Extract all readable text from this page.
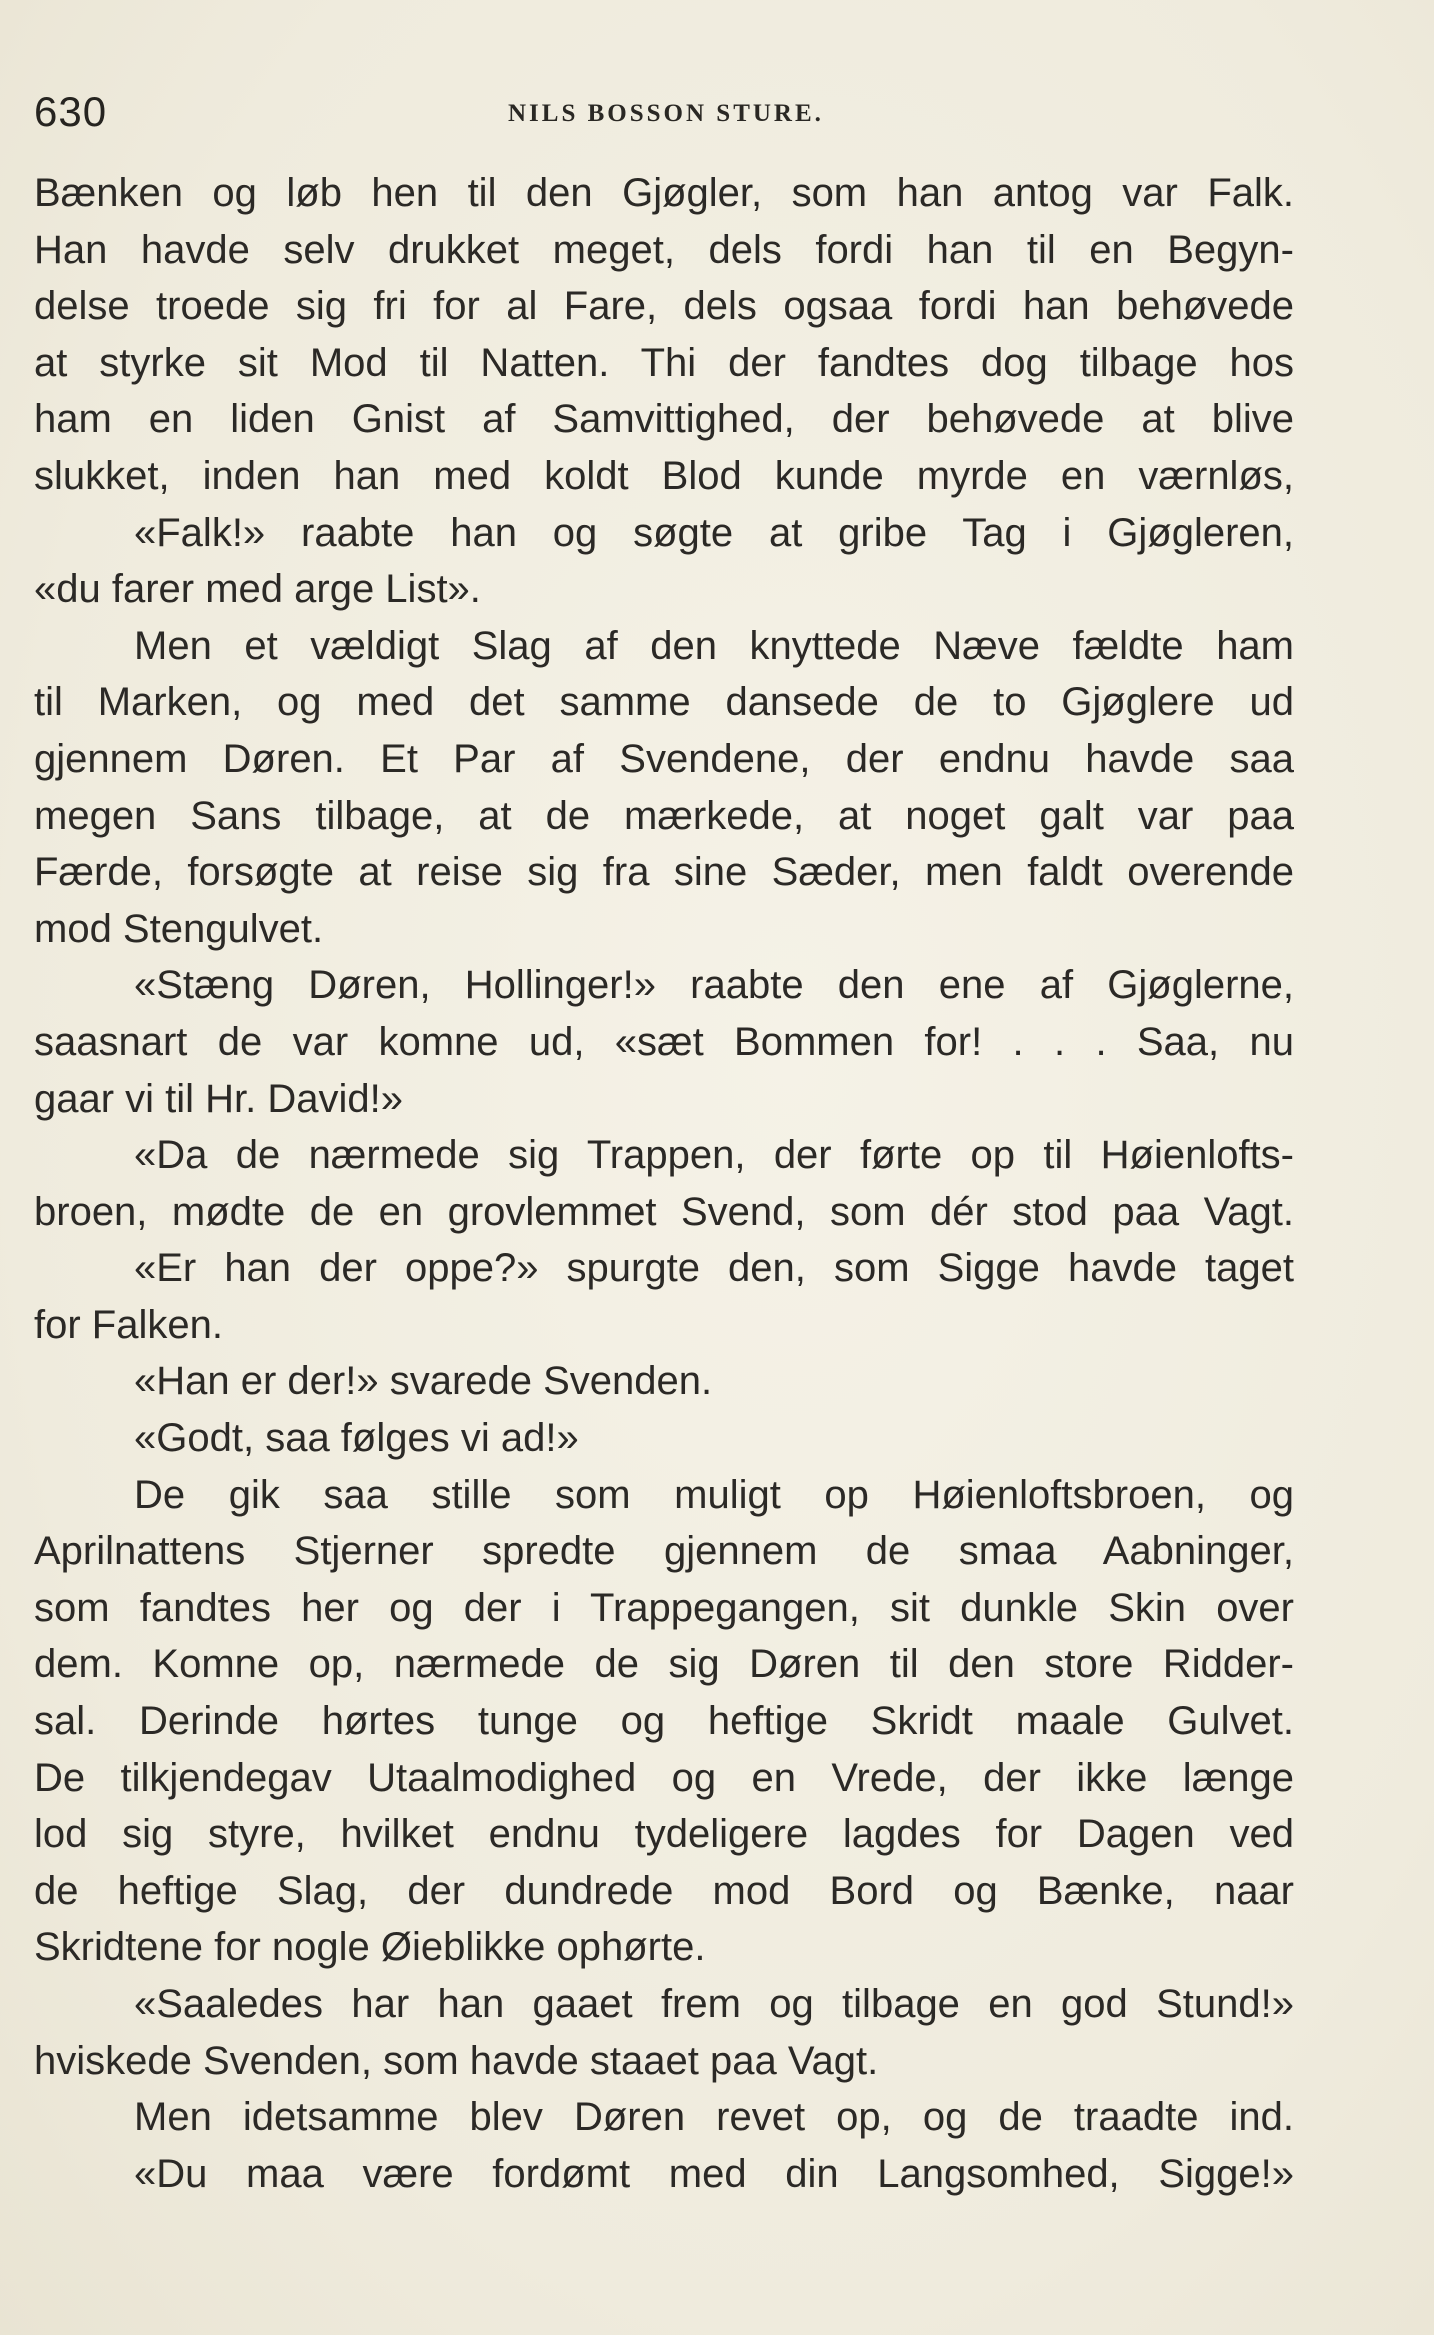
630	NILS BOSSON STURE.
Bænken og løb hen til den Gjøgler, som han antog var Falk.
Han havde selv drukket meget, dels fordi han til en Begyn-
delse troede sig fri for al Fare, dels ogsaa fordi han behøvede
at styrke sit Mod til Natten. Thi der fandtes dog tilbage hos
ham en liden Gnist af Samvittighed, der behøvede at blive
slukket, inden han med koldt Blod kunde myrde en værnløs,
«Falk!» raabte han og søgte at gribe Tag i Gjøgleren,
«du farer med arge List».
Men et vældigt Slag af den knyttede Næve fældte ham
til Marken, og med det samme dansede de to Gjøglere ud
gjennem Døren. Et Par af Svendene, der endnu havde saa
megen Sans tilbage, at de mærkede, at noget galt var paa
Færde, forsøgte at reise sig fra sine Sæder, men faldt overende
mod Stengulvet.
«Stæng Døren, Hollinger!» raabte den ene af Gjøglerne,
saasnart de var komne ud, «sæt Bommen for! . . . Saa, nu
gaar vi til Hr. David!»
«Da de nærmede sig Trappen, der førte op til Høienlofts-
broen, mødte de en grovlemmet Svend, som dér stod paa Vagt.
«Er han der oppe?» spurgte den, som Sigge havde taget
for Falken.
«Han er der!» svarede Svenden.
«Godt, saa følges vi ad!»
De gik saa stille som muligt op Høienloftsbroen, og
Aprilnattens Stjerner spredte gjennem de smaa Aabninger,
som fandtes her og der i Trappegangen, sit dunkle Skin over
dem. Komne op, nærmede de sig Døren til den store Ridder-
sal. Derinde hørtes tunge og heftige Skridt maale Gulvet.
De tilkjendegav Utaalmodighed og en Vrede, der ikke længe
lod sig styre, hvilket endnu tydeligere lagdes for Dagen ved
de heftige Slag, der dundrede mod Bord og Bænke, naar
Skridtene for nogle Øieblikke ophørte.
«Saaledes har han gaaet frem og tilbage en god Stund!»
hviskede Svenden, som havde staaet paa Vagt.
Men idetsamme blev Døren revet op, og de traadte ind.
«Du maa være fordømt med din Langsomhed, Sigge!»
